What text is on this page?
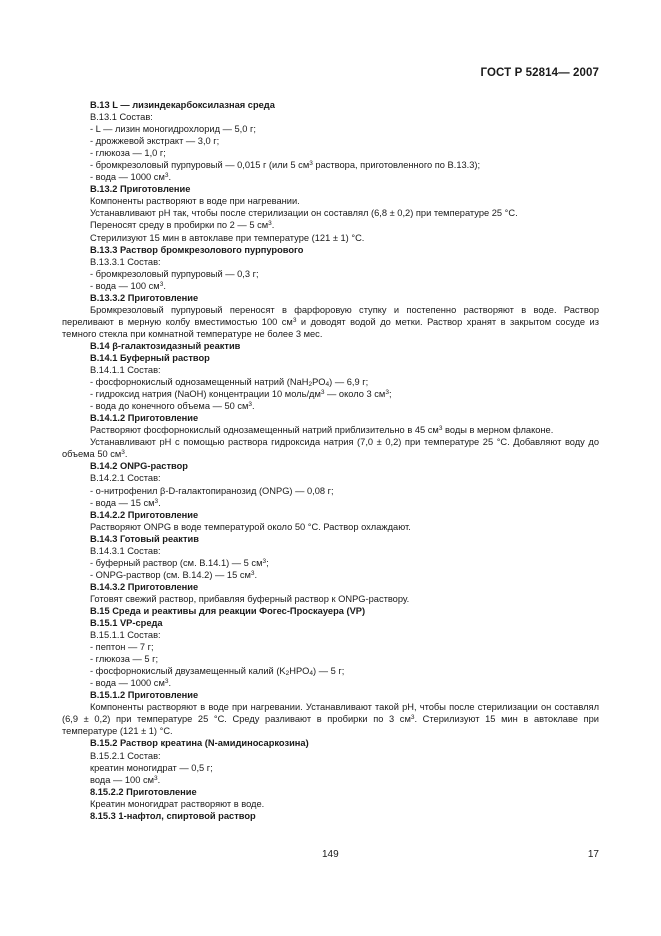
ГОСТ Р 52814— 2007
B.13 L — лизиндекарбоксилазная среда
B.13.1 Состав:
- L — лизин моногидрохлорид — 5,0 г;
- дрожжевой экстракт — 3,0 г;
- глюкоза — 1,0 г;
- бромкрезоловый пурпуровый — 0,015 г (или 5 $см^3$ раствора, приготовленного по B.13.3);
- вода — 1000 $см^3$.
B.13.2 Приготовление
Компоненты растворяют в воде при нагревании.
Устанавливают pH так, чтобы после стерилизации он составлял (6,8 ± 0,2) при температуре 25 °C.
Переносят среду в пробирки по 2 — 5 $см^3$.
Стерилизуют 15 мин в автоклаве при температуре (121 ± 1) °C.
B.13.3 Раствор бромкрезолового пурпурового
B.13.3.1 Состав:
- бромкрезоловый пурпуровый — 0,3 г;
- вода — 100 $см^3$.
B.13.3.2 Приготовление
Бромкрезоловый пурпуровый переносят в фарфоровую ступку и постепенно растворяют в воде. Раствор переливают в мерную колбу вместимостью 100 $см^3$ и доводят водой до метки. Раствор хранят в закрытом сосуде из темного стекла при комнатной температуре не более 3 мес.
B.14 β-галактозидазный реактив
B.14.1 Буферный раствор
B.14.1.1 Состав:
- фосфорнокислый однозамещенный натрий $(NaH_2PO_4)$ — 6,9 г;
- гидроксид натрия (NaOH) концентрации 10 моль/$дм^3$ — около 3 $см^3$;
- вода до конечного объема — 50 $см^3$.
B.14.1.2 Приготовление
Растворяют фосфорнокислый однозамещенный натрий приблизительно в 45 $см^3$ воды в мерном флаконе.
Устанавливают pH с помощью раствора гидроксида натрия (7,0 ± 0,2) при температуре 25 °C. Добавляют воду до объема 50 $см^3$.
B.14.2 ONPG-раствор
B.14.2.1 Состав:
- о-нитрофенил β-D-галактопиранозид (ONPG) — 0,08 г;
- вода — 15 $см^3$.
B.14.2.2 Приготовление
Растворяют ONPG в воде температурой около 50 °C. Раствор охлаждают.
B.14.3 Готовый реактив
B.14.3.1 Состав:
- буферный раствор (см. B.14.1) — 5 $см^3$;
- ONPG-раствор (см. B.14.2) — 15 $см^3$.
B.14.3.2 Приготовление
Готовят свежий раствор, прибавляя буферный раствор к ONPG-раствору.
B.15 Среда и реактивы для реакции Фогес-Проскауера (VP)
B.15.1 VP-среда
B.15.1.1 Состав:
- пептон — 7 г;
- глюкоза — 5 г;
- фосфорнокислый двузамещенный калий $(K_2HPO_4)$ — 5 г;
- вода — 1000 $см^3$.
B.15.1.2 Приготовление
Компоненты растворяют в воде при нагревании. Устанавливают такой pH, чтобы после стерилизации он составлял (6,9 ± 0,2) при температуре 25 °C. Среду разливают в пробирки по 3 $см^3$. Стерилизуют 15 мин в автоклаве при температуре (121 ± 1) °C.
B.15.2 Раствор креатина (N-амидиносаркозина)
B.15.2.1 Состав:
креатин моногидрат — 0,5 г;
вода — 100 $см^3$.
8.15.2.2 Приготовление
Креатин моногидрат растворяют в воде.
8.15.3 1-нафтол, спиртовой раствор
149	17
